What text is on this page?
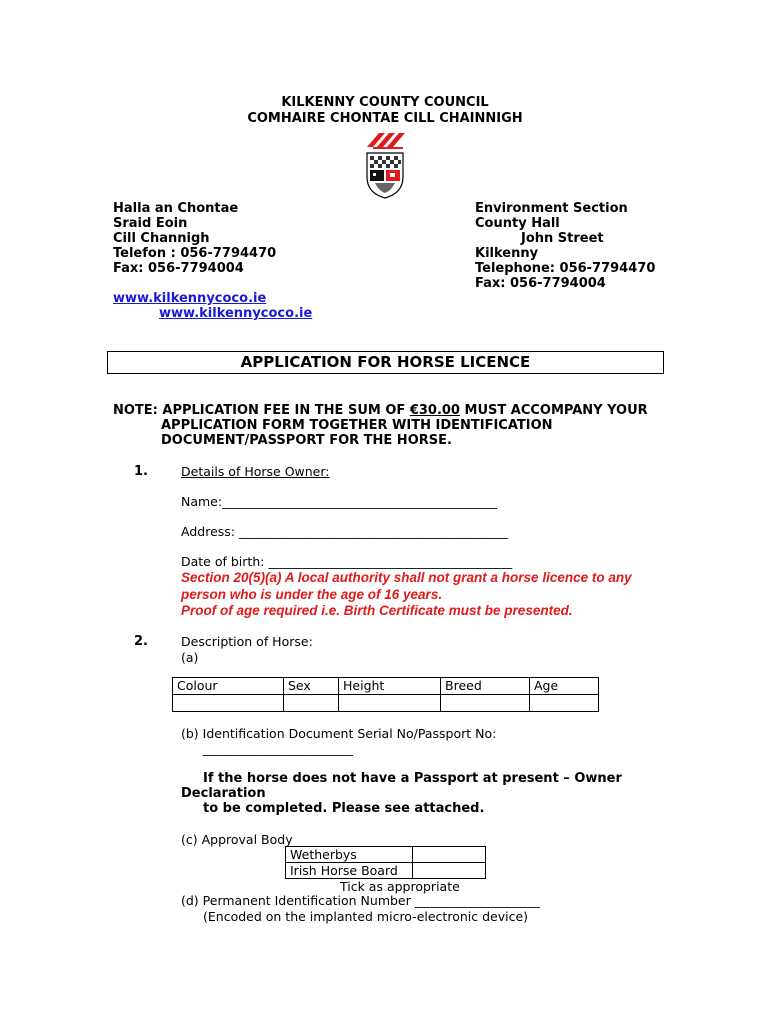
KILKENNY COUNTY COUNCIL
COMHAIRE CHONTAE CILL CHAINNIGH
Halla an Chontae
Sraid Eoin
Cill Channigh
Telefon : 056-7794470
Fax: 056-7794004
Environment Section
County Hall
John Street
Kilkenny
Telephone: 056-7794470
Fax: 056-7794004
www.kilkennycoco.ie
www.kilkennycoco.ie
APPLICATION FOR HORSE LICENCE
NOTE: APPLICATION FEE IN THE SUM OF €30.00 MUST ACCOMPANY YOUR
APPLICATION FORM TOGETHER WITH IDENTIFICATION
DOCUMENT/PASSPORT FOR THE HORSE.
1.	Details of Horse Owner:
Name:____________________________________________
Address: ___________________________________________
Date of birth: _______________________________________
Section 20(5)(a) A local authority shall not grant a horse licence to any
person who is under the age of 16 years.
Proof of age required i.e. Birth Certificate must be presented.
2.	Description of Horse:
(a)
Colour	Sex	Height	Breed	Age

(b) Identification Document Serial No/Passport No:
________________________
If the horse does not have a Passport at present – Owner
Declaration
to be completed. Please see attached.
(c) Approval Body
Wetherbys	
Irish Horse Board	
Tick as appropriate
(d) Permanent Identification Number ____________________
(Encoded on the implanted micro-electronic device)
